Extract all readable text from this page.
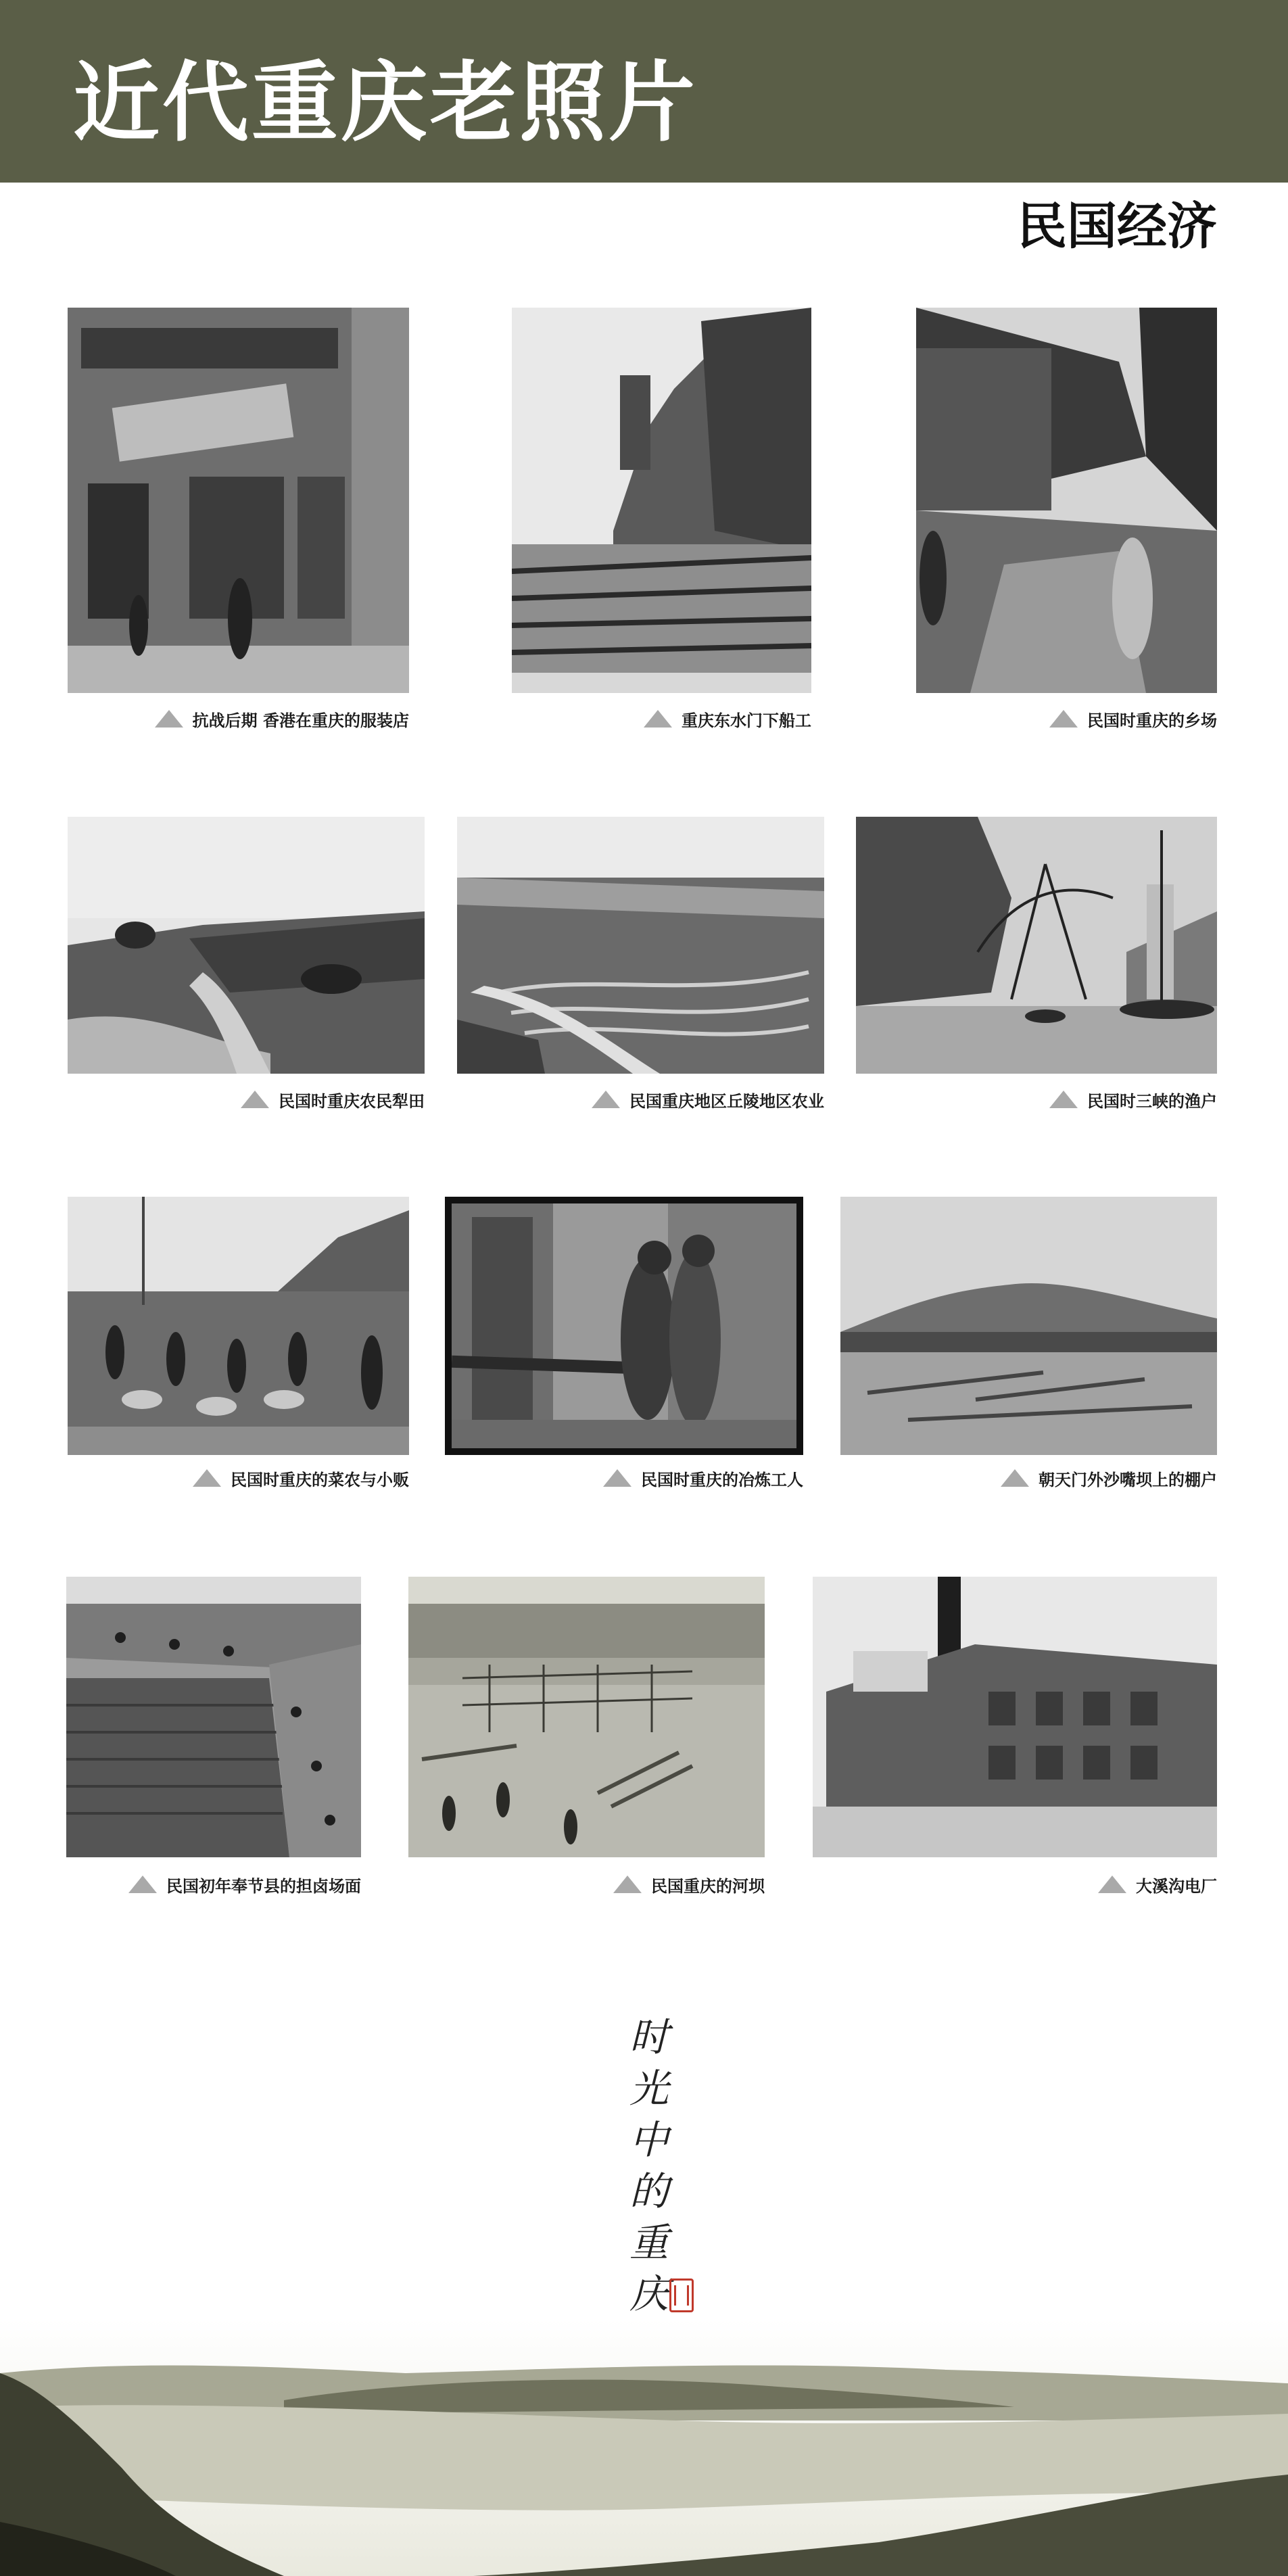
近代重庆老照片
民国经济
抗战后期 香港在重庆的服装店	重庆东水门下船工	民国时重庆的乡场
民国时重庆农民犁田	民国重庆地区丘陵地区农业	民国时三峡的渔户
民国时重庆的菜农与小贩	民国时重庆的冶炼工人	朝天门外沙嘴坝上的棚户
民国初年奉节县的担卤场面	民国重庆的河坝	大溪沟电厂
时
光
中
的
重
庆
